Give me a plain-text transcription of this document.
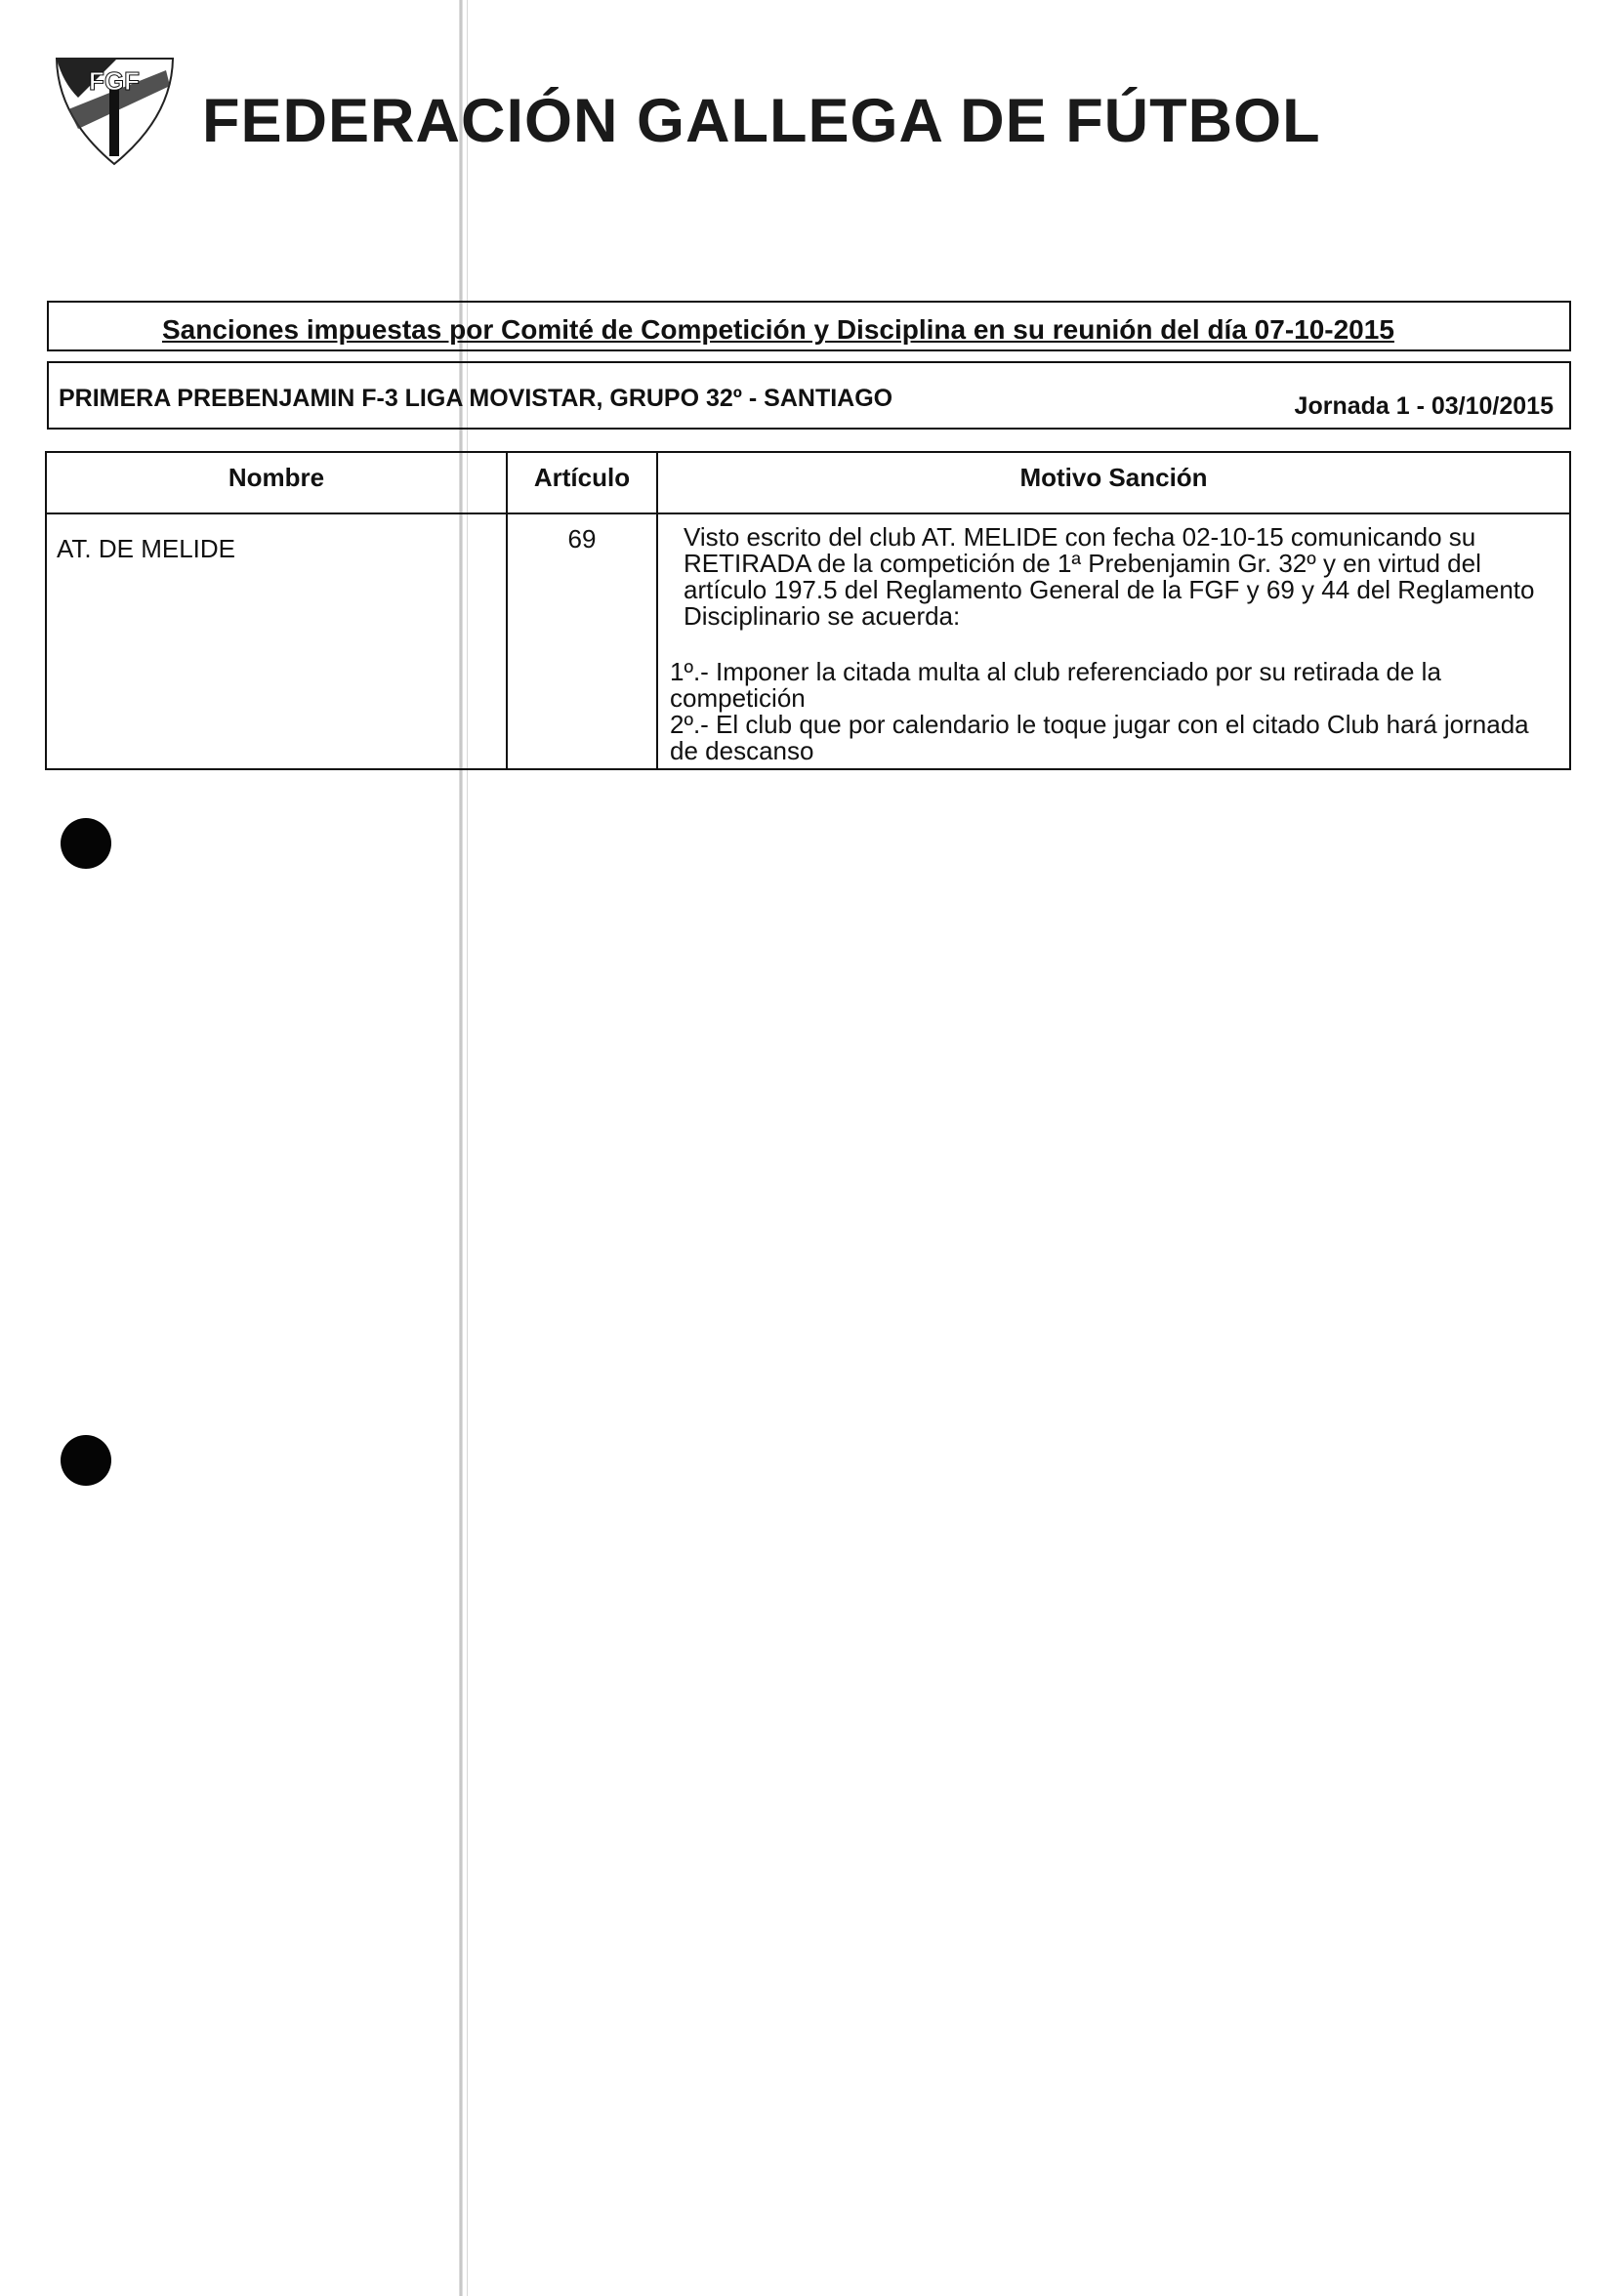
FGF
FEDERACIÓN GALLEGA DE FÚTBOL
Sanciones impuestas por Comité de Competición y Disciplina en su reunión del día 07-10-2015
PRIMERA PREBENJAMIN F-3 LIGA MOVISTAR, GRUPO 32º - SANTIAGO	Jornada 1 - 03/10/2015
Nombre	Artículo	Motivo Sanción
AT. DE MELIDE	69	Visto escrito del club AT. MELIDE con fecha 02-10-15 comunicando su RETIRADA de la competición de 1ª Prebenjamin Gr. 32º y en virtud del artículo 197.5 del Reglamento General de la FGF y 69 y 44 del Reglamento Disciplinario se acuerda:
1º.- Imponer la citada multa al club referenciado por su retirada de la competición
2º.- El club que por calendario le toque jugar con el citado Club hará jornada de descanso
